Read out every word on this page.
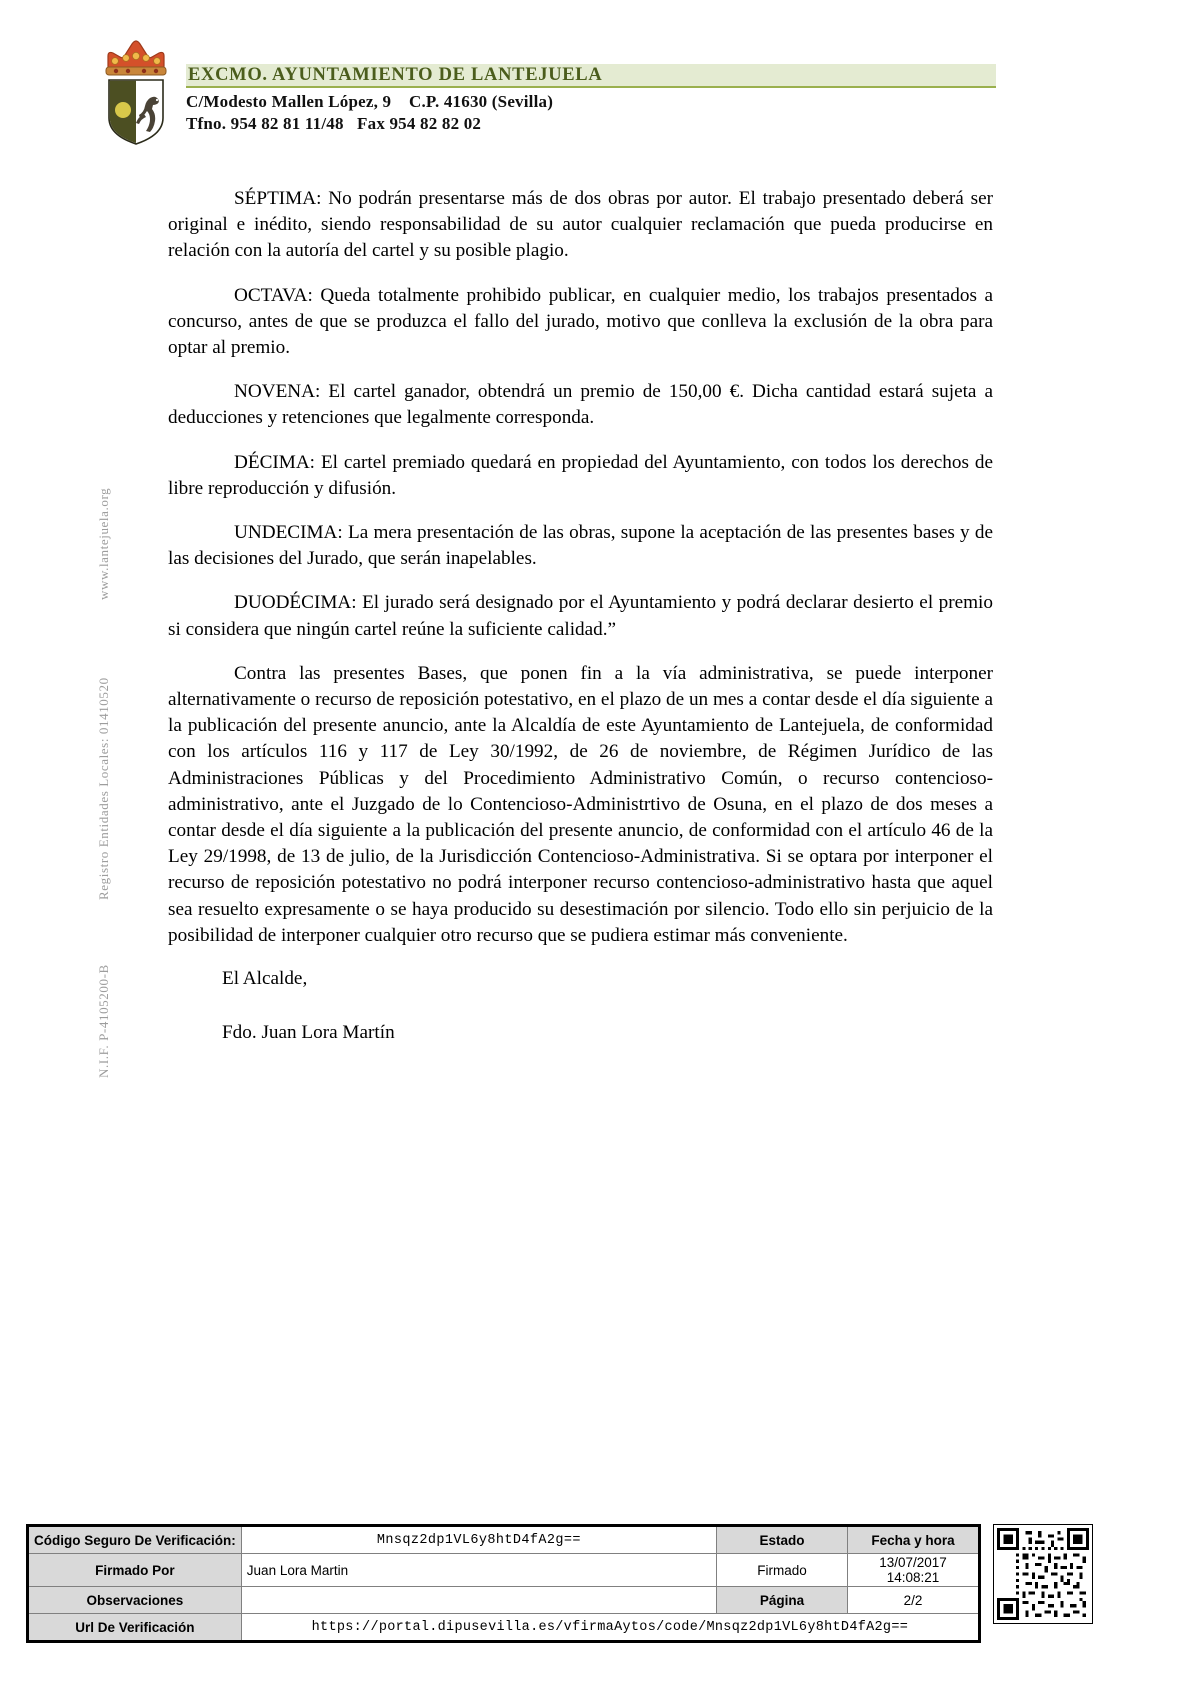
EXCMO. AYUNTAMIENTO DE LANTEJUELA
C/Modesto Mallen López, 9    C.P. 41630 (Sevilla)
Tfno. 954 82 81 11/48   Fax 954 82 82 02
www.lantejuela.org
Registro Entidades Locales: 01410520
N.I.F. P-4105200-B

SÉPTIMA: No podrán presentarse más de dos obras por autor. El trabajo presentado deberá ser original e inédito, siendo responsabilidad de su autor cualquier reclamación que pueda producirse en relación con la autoría del cartel y su posible plagio.

OCTAVA: Queda totalmente prohibido publicar, en cualquier medio, los trabajos presentados a concurso, antes de que se produzca el fallo del jurado, motivo que conlleva la exclusión de la obra para optar al premio.

NOVENA: El cartel ganador, obtendrá un premio de 150,00 €. Dicha cantidad estará sujeta a deducciones y retenciones que legalmente corresponda.

DÉCIMA: El cartel premiado quedará en propiedad del Ayuntamiento, con todos los derechos de libre reproducción y difusión.

UNDECIMA: La mera presentación de las obras, supone la aceptación de las presentes bases y de las decisiones del Jurado, que serán inapelables.

DUODÉCIMA: El jurado será designado por el Ayuntamiento y podrá declarar desierto el premio si considera que ningún cartel reúne la suficiente calidad.”

Contra las presentes Bases, que ponen fin a la vía administrativa, se puede interponer alternativamente o recurso de reposición potestativo, en el plazo de un mes a contar desde el día siguiente a la publicación del presente anuncio, ante la Alcaldía de este Ayuntamiento de Lantejuela, de conformidad con los artículos 116 y 117 de Ley 30/1992, de 26 de noviembre, de Régimen Jurídico de las Administraciones Públicas y del Procedimiento Administrativo Común, o recurso contencioso-administrativo, ante el Juzgado de lo Contencioso-Administrtivo de Osuna, en el plazo de dos meses a contar desde el día siguiente a la publicación del presente anuncio, de conformidad con el artículo 46 de la Ley 29/1998, de 13 de julio, de la Jurisdicción Contencioso-Administrativa. Si se optara por interponer el recurso de reposición potestativo no podrá interponer recurso contencioso-administrativo hasta que aquel sea resuelto expresamente o se haya producido su desestimación por silencio. Todo ello sin perjuicio de la posibilidad de interponer cualquier otro recurso que se pudiera estimar más conveniente.

El Alcalde,

Fdo. Juan Lora Martín

Código Seguro De Verificación:	Mnsqz2dp1VL6y8htD4fA2g==	Estado	Fecha y hora
Firmado Por	Juan Lora Martin	Firmado	13/07/2017 14:08:21
Observaciones		Página	2/2
Url De Verificación	https://portal.dipusevilla.es/vfirmaAytos/code/Mnsqz2dp1VL6y8htD4fA2g==		
